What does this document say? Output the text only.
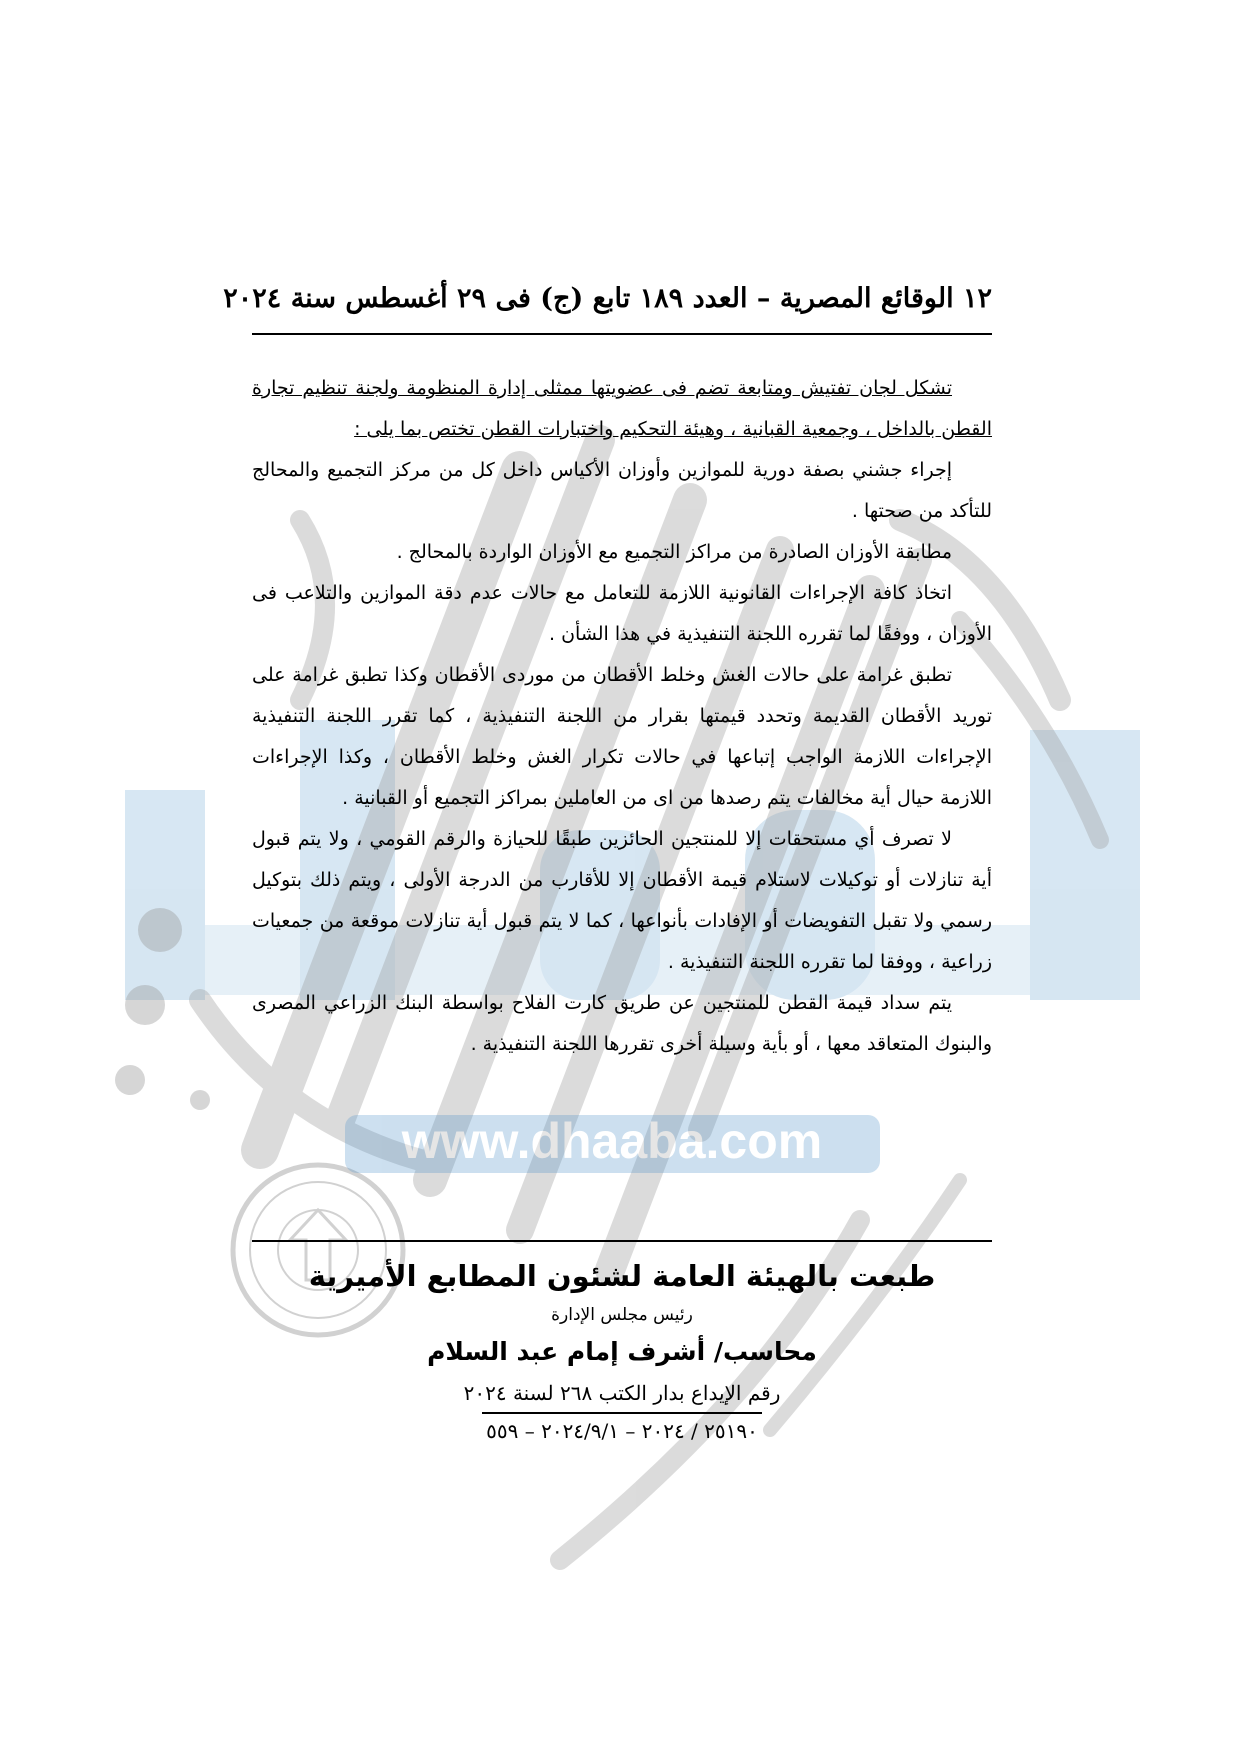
www.dhaaba.com
١٢ الوقائع المصرية – العدد ١٨٩ تابع (ج) فى ٢٩ أغسطس سنة ٢٠٢٤

تشكل لجان تفتيش ومتابعة تضم فى عضويتها ممثلى إدارة المنظومة ولجنة تنظيم تجارة القطن بالداخل ، وجمعية القبانية ، وهيئة التحكيم واختبارات القطن تختص بما يلى :

إجراء جشني بصفة دورية للموازين وأوزان الأكياس داخل كل من مركز التجميع والمحالج للتأكد من صحتها .

مطابقة الأوزان الصادرة من مراكز التجميع مع الأوزان الواردة بالمحالج .

اتخاذ كافة الإجراءات القانونية اللازمة للتعامل مع حالات عدم دقة الموازين والتلاعب فى الأوزان ، ووفقًا لما تقرره اللجنة التنفيذية في هذا الشأن .

تطبق غرامة على حالات الغش وخلط الأقطان من موردى الأقطان وكذا تطبق غرامة على توريد الأقطان القديمة وتحدد قيمتها بقرار من اللجنة التنفيذية ، كما تقرر اللجنة التنفيذية الإجراءات اللازمة الواجب إتباعها في حالات تكرار الغش وخلط الأقطان ، وكذا الإجراءات اللازمة حيال أية مخالفات يتم رصدها من اى من العاملين بمراكز التجميع أو القبانية .

لا تصرف أي مستحقات إلا للمنتجين الحائزين طبقًا للحيازة والرقم القومي ، ولا يتم قبول أية تنازلات أو توكيلات لاستلام قيمة الأقطان إلا للأقارب من الدرجة الأولى ، ويتم ذلك بتوكيل رسمي ولا تقبل التفويضات أو الإفادات بأنواعها ، كما لا يتم قبول أية تنازلات موقعة من جمعيات زراعية ، ووفقا لما تقرره اللجنة التنفيذية .

يتم سداد قيمة القطن للمنتجين عن طريق كارت الفلاح بواسطة البنك الزراعي المصرى والبنوك المتعاقد معها ، أو بأية وسيلة أخرى تقررها اللجنة التنفيذية .

طبعت بالهيئة العامة لشئون المطابع الأميرية
رئيس مجلس الإدارة
محاسب/ أشرف إمام عبد السلام
رقم الإيداع بدار الكتب ٢٦٨ لسنة ٢٠٢٤
٢٥١٩٠ / ٢٠٢٤ – ٢٠٢٤/٩/١ – ٥٥٩
